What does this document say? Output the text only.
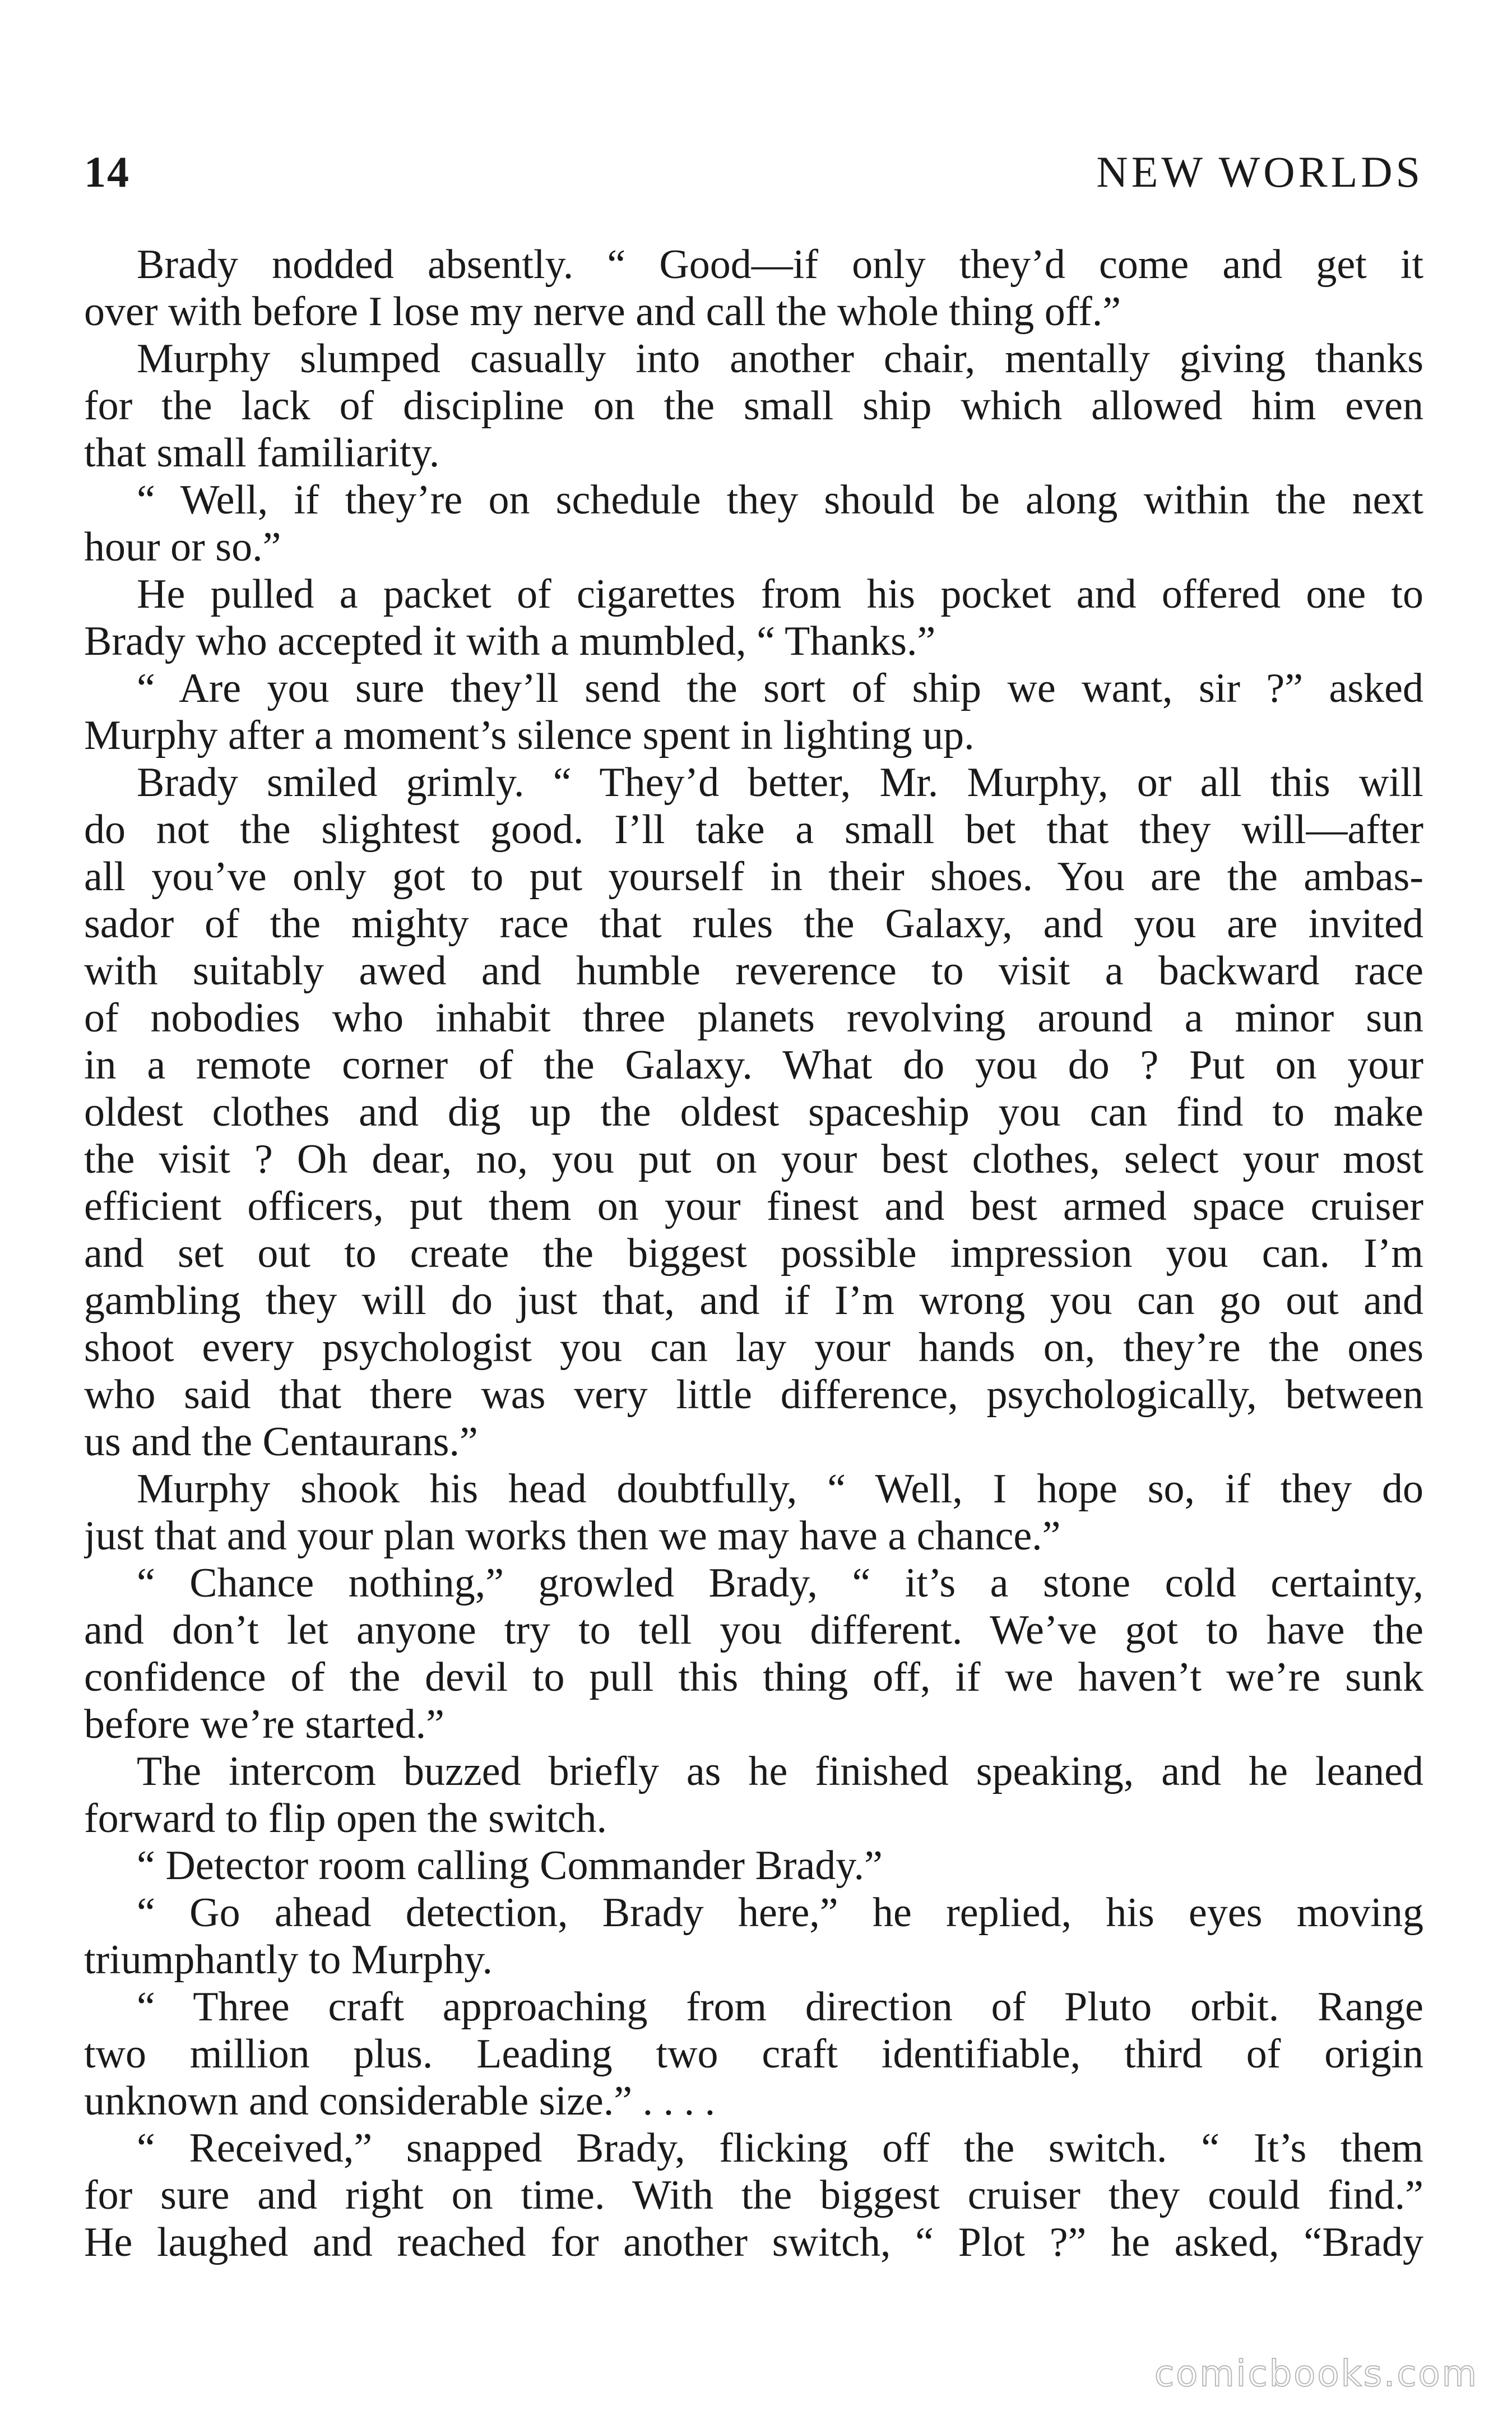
14	NEW WORLDS
Brady nodded absently. “ Good—if only they’d come and get it
over with before I lose my nerve and call the whole thing off.”
Murphy slumped casually into another chair, mentally giving thanks
for the lack of discipline on the small ship which allowed him even
that small familiarity.
“ Well, if they’re on schedule they should be along within the next
hour or so.”
He pulled a packet of cigarettes from his pocket and offered one to
Brady who accepted it with a mumbled, “ Thanks.”
“ Are you sure they’ll send the sort of ship we want, sir ?” asked
Murphy after a moment’s silence spent in lighting up.
Brady smiled grimly. “ They’d better, Mr. Murphy, or all this will
do not the slightest good. I’ll take a small bet that they will—after
all you’ve only got to put yourself in their shoes. You are the ambas-
sador of the mighty race that rules the Galaxy, and you are invited
with suitably awed and humble reverence to visit a backward race
of nobodies who inhabit three planets revolving around a minor sun
in a remote corner of the Galaxy. What do you do ? Put on your
oldest clothes and dig up the oldest spaceship you can find to make
the visit ? Oh dear, no, you put on your best clothes, select your most
efficient officers, put them on your finest and best armed space cruiser
and set out to create the biggest possible impression you can. I’m
gambling they will do just that, and if I’m wrong you can go out and
shoot every psychologist you can lay your hands on, they’re the ones
who said that there was very little difference, psychologically, between
us and the Centaurans.”
Murphy shook his head doubtfully, “ Well, I hope so, if they do
just that and your plan works then we may have a chance.”
“ Chance nothing,” growled Brady, “ it’s a stone cold certainty,
and don’t let anyone try to tell you different. We’ve got to have the
confidence of the devil to pull this thing off, if we haven’t we’re sunk
before we’re started.”
The intercom buzzed briefly as he finished speaking, and he leaned
forward to flip open the switch.
“ Detector room calling Commander Brady.”
“ Go ahead detection, Brady here,” he replied, his eyes moving
triumphantly to Murphy.
“ Three craft approaching from direction of Pluto orbit. Range
two million plus. Leading two craft identifiable, third of origin
unknown and considerable size.” . . . .
“ Received,” snapped Brady, flicking off the switch. “ It’s them
for sure and right on time. With the biggest cruiser they could find.”
He laughed and reached for another switch, “ Plot ?” he asked, “Brady
comicbooks.com
